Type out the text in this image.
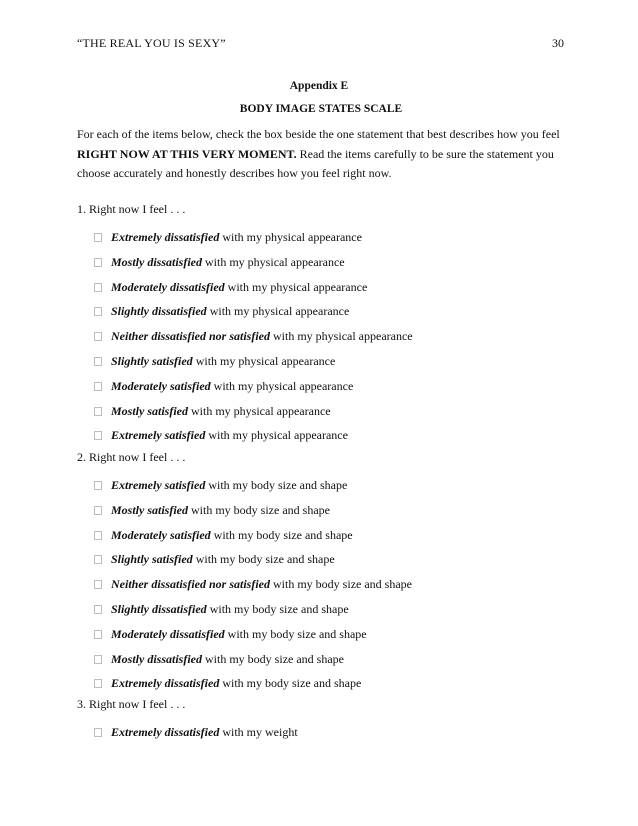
“THE REAL YOU IS SEXY”	30
Appendix E
BODY IMAGE STATES SCALE
For each of the items below, check the box beside the one statement that best describes how you feel RIGHT NOW AT THIS VERY MOMENT. Read the items carefully to be sure the statement you choose accurately and honestly describes how you feel right now.
1. Right now I feel . . .
Extremely dissatisfied with my physical appearance
Mostly dissatisfied with my physical appearance
Moderately dissatisfied with my physical appearance
Slightly dissatisfied with my physical appearance
Neither dissatisfied nor satisfied with my physical appearance
Slightly satisfied with my physical appearance
Moderately satisfied with my physical appearance
Mostly satisfied with my physical appearance
Extremely satisfied with my physical appearance
2. Right now I feel . . .
Extremely satisfied with my body size and shape
Mostly satisfied with my body size and shape
Moderately satisfied with my body size and shape
Slightly satisfied with my body size and shape
Neither dissatisfied nor satisfied with my body size and shape
Slightly dissatisfied with my body size and shape
Moderately dissatisfied with my body size and shape
Mostly dissatisfied with my body size and shape
Extremely dissatisfied with my body size and shape
3. Right now I feel . . .
Extremely dissatisfied with my weight
